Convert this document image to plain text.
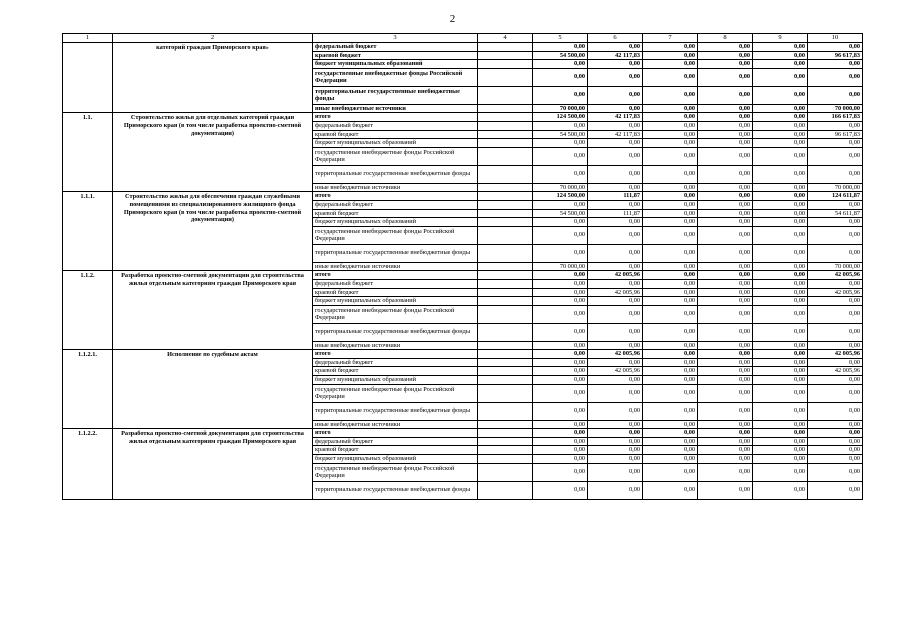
2
1	2	3	4	5	6	7	8	9	10
	категорий граждан Приморского края»	федеральный бюджет		0,00	0,00	0,00	0,00	0,00	0,00
		краевой бюджет		54 500,00	42 117,83	0,00	0,00	0,00	96 617,83
		бюджет муниципальных образований		0,00	0,00	0,00	0,00	0,00	0,00
		государственные внебюджетные фонды Российской Федерации		0,00	0,00	0,00	0,00	0,00	0,00
		территориальные государственные внебюджетные фонды		0,00	0,00	0,00	0,00	0,00	0,00
		иные внебюджетные источники		70 000,00	0,00	0,00	0,00	0,00	70 000,00
1.1.	Строительство жилья для отдельных категорий граждан Приморского края (в том числе разработка проектно-сметной документации)	итого		124 500,00	42 117,83	0,00	0,00	0,00	166 617,83
		федеральный бюджет		0,00	0,00	0,00	0,00	0,00	0,00
		краевой бюджет		54 500,00	42 117,83	0,00	0,00	0,00	96 617,83
		бюджет муниципальных образований		0,00	0,00	0,00	0,00	0,00	0,00
		государственные внебюджетные фонды Российской Федерации		0,00	0,00	0,00	0,00	0,00	0,00
		территориальные государственные внебюджетные фонды		0,00	0,00	0,00	0,00	0,00	0,00
		иные внебюджетные источники		70 000,00	0,00	0,00	0,00	0,00	70 000,00
1.1.1.	Строительство жилья для обеспечения граждан служебными помещениями из специализированного жилищного фонда Приморского края (в том числе разработка проектно-сметной документации)	итого		124 500,00	111,87	0,00	0,00	0,00	124 611,87
		федеральный бюджет		0,00	0,00	0,00	0,00	0,00	0,00
		краевой бюджет		54 500,00	111,87	0,00	0,00	0,00	54 611,87
		бюджет муниципальных образований		0,00	0,00	0,00	0,00	0,00	0,00
		государственные внебюджетные фонды Российской Федерации		0,00	0,00	0,00	0,00	0,00	0,00
		территориальные государственные внебюджетные фонды		0,00	0,00	0,00	0,00	0,00	0,00
		иные внебюджетные источники		70 000,00	0,00	0,00	0,00	0,00	70 000,00
1.1.2.	Разработка проектно-сметной документации для строительства жилья отдельным категориям граждан Приморского края	итого		0,00	42 005,96	0,00	0,00	0,00	42 005,96
		федеральный бюджет		0,00	0,00	0,00	0,00	0,00	0,00
		краевой бюджет		0,00	42 005,96	0,00	0,00	0,00	42 005,96
		бюджет муниципальных образований		0,00	0,00	0,00	0,00	0,00	0,00
		государственные внебюджетные фонды Российской Федерации		0,00	0,00	0,00	0,00	0,00	0,00
		территориальные государственные внебюджетные фонды		0,00	0,00	0,00	0,00	0,00	0,00
		иные внебюджетные источники		0,00	0,00	0,00	0,00	0,00	0,00
1.1.2.1.	Исполнение по судебным актам	итого		0,00	42 005,96	0,00	0,00	0,00	42 005,96
		федеральный бюджет		0,00	0,00	0,00	0,00	0,00	0,00
		краевой бюджет		0,00	42 005,96	0,00	0,00	0,00	42 005,96
		бюджет муниципальных образований		0,00	0,00	0,00	0,00	0,00	0,00
		государственные внебюджетные фонды Российской Федерации		0,00	0,00	0,00	0,00	0,00	0,00
		территориальные государственные внебюджетные фонды		0,00	0,00	0,00	0,00	0,00	0,00
		иные внебюджетные источники		0,00	0,00	0,00	0,00	0,00	0,00
1.1.2.2.	Разработка проектно-сметной документации для строительства жилья отдельным категориям граждан Приморского края	итого		0,00	0,00	0,00	0,00	0,00	0,00
		федеральный бюджет		0,00	0,00	0,00	0,00	0,00	0,00
		краевой бюджет		0,00	0,00	0,00	0,00	0,00	0,00
		бюджет муниципальных образований		0,00	0,00	0,00	0,00	0,00	0,00
		государственные внебюджетные фонды Российской Федерации		0,00	0,00	0,00	0,00	0,00	0,00
		территориальные государственные внебюджетные фонды		0,00	0,00	0,00	0,00	0,00	0,00
